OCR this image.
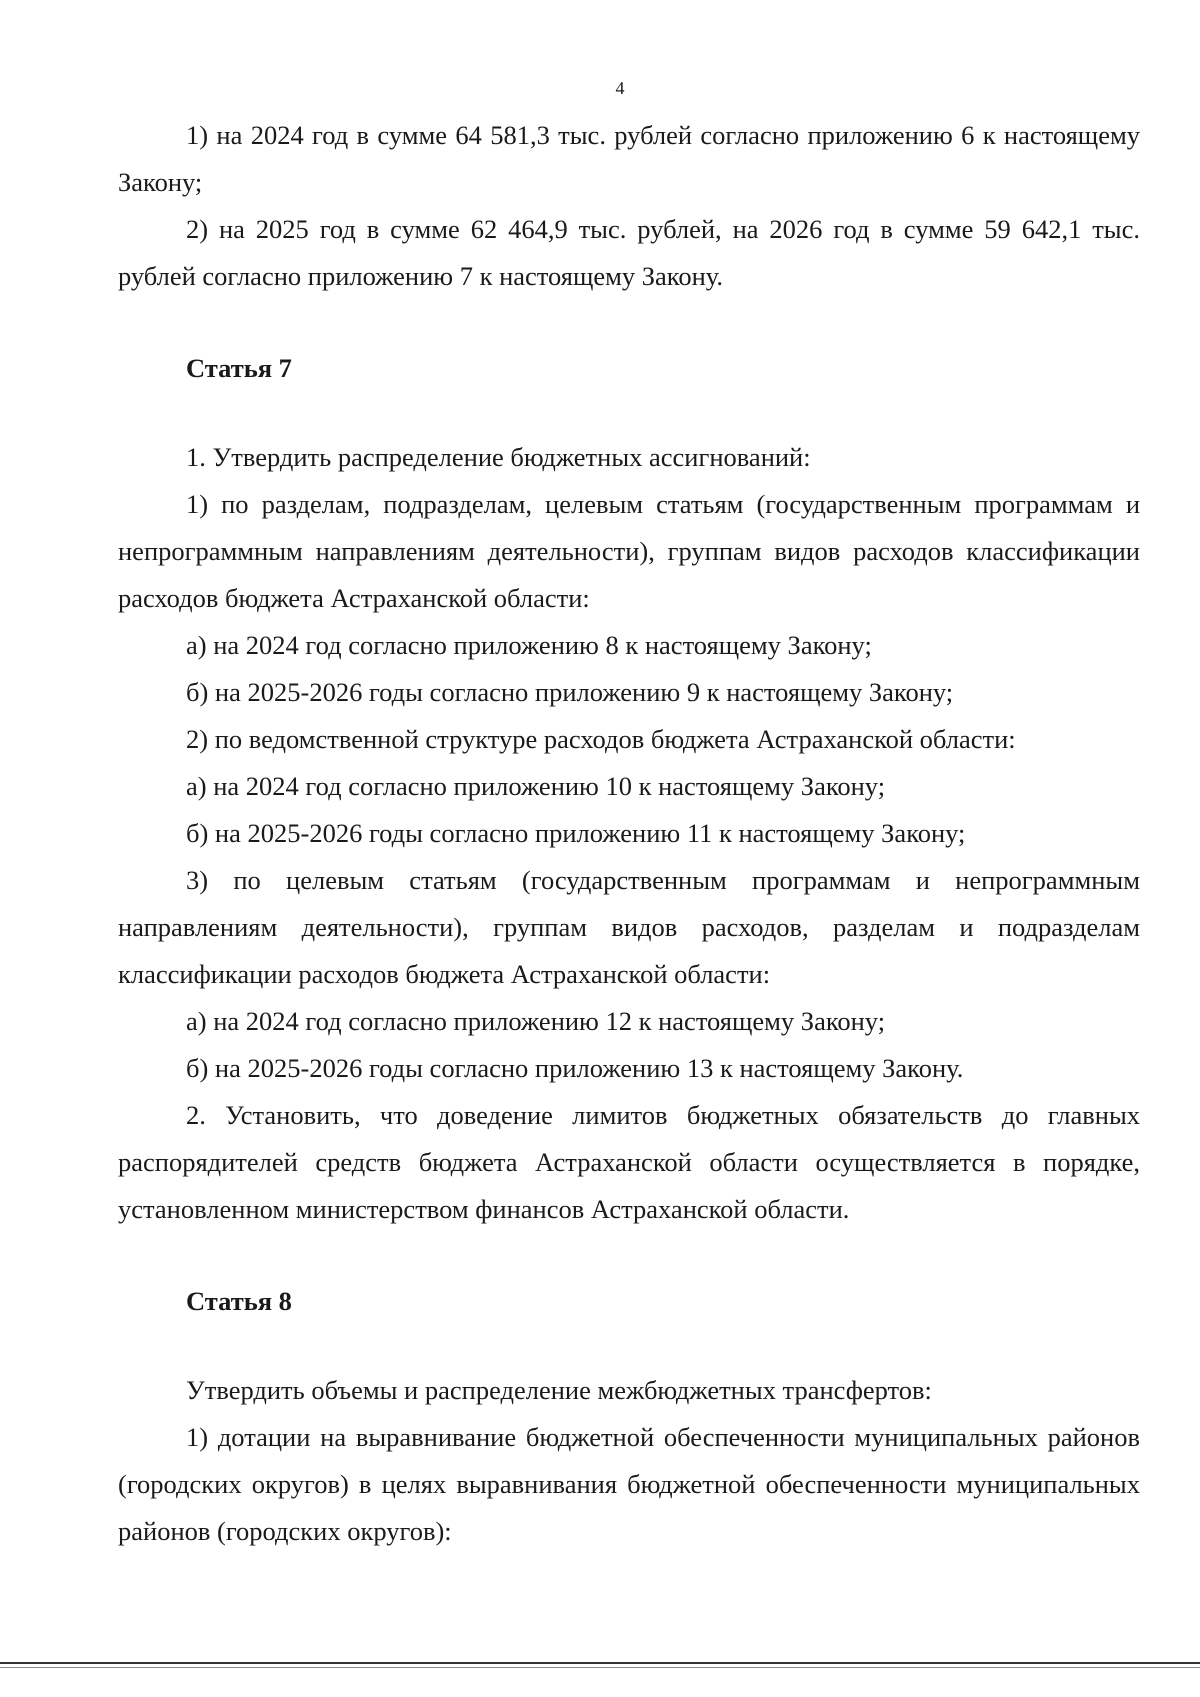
4

1) на 2024 год в сумме 64 581,3 тыс. рублей согласно приложению 6 к настоящему Закону;

2) на 2025 год в сумме 62 464,9 тыс. рублей, на 2026 год в сумме 59 642,1 тыс. рублей согласно приложению 7 к настоящему Закону.

Статья 7

1. Утвердить распределение бюджетных ассигнований:

1) по разделам, подразделам, целевым статьям (государственным программам и непрограммным направлениям деятельности), группам видов расходов классификации расходов бюджета Астраханской области:

а) на 2024 год согласно приложению 8 к настоящему Закону;

б) на 2025-2026 годы согласно приложению 9 к настоящему Закону;

2) по ведомственной структуре расходов бюджета Астраханской области:

а) на 2024 год согласно приложению 10 к настоящему Закону;

б) на 2025-2026 годы согласно приложению 11 к настоящему Закону;

3) по целевым статьям (государственным программам и непрограммным направлениям деятельности), группам видов расходов, разделам и подразделам классификации расходов бюджета Астраханской области:

а) на 2024 год согласно приложению 12 к настоящему Закону;

б) на 2025-2026 годы согласно приложению 13 к настоящему Закону.

2. Установить, что доведение лимитов бюджетных обязательств до главных распорядителей средств бюджета Астраханской области осуществляется в порядке, установленном министерством финансов Астраханской области.

Статья 8

Утвердить объемы и распределение межбюджетных трансфертов:

1) дотации на выравнивание бюджетной обеспеченности муниципальных районов (городских округов) в целях выравнивания бюджетной обеспеченности муниципальных районов (городских округов):
